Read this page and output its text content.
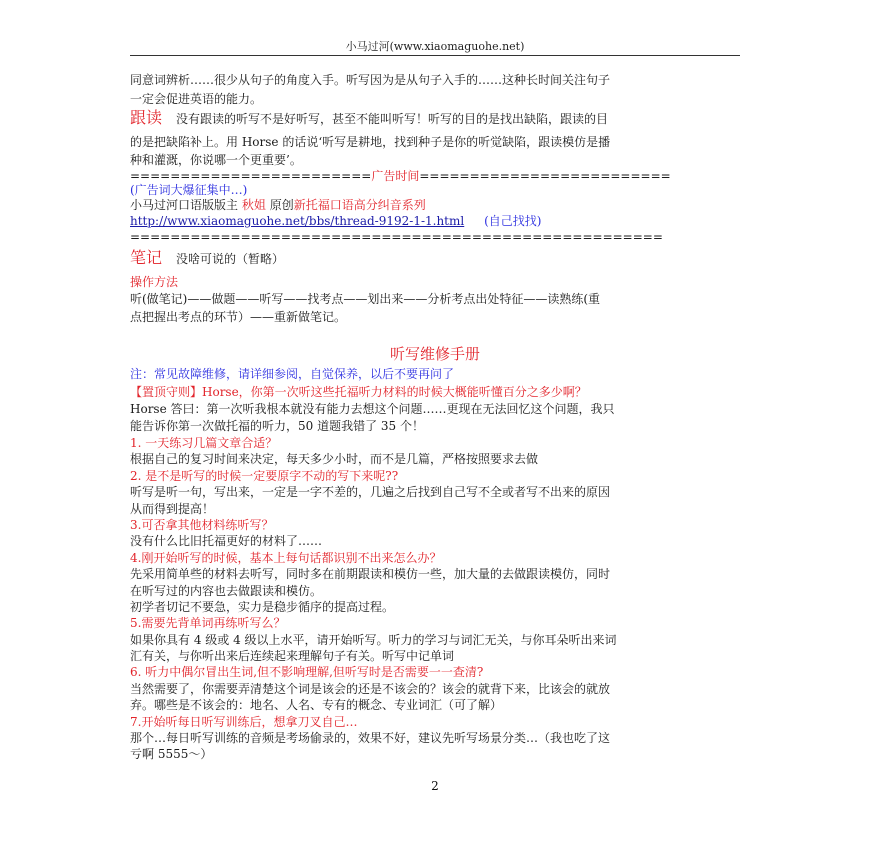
小马过河(www.xiaomaguohe.net)
同意词辨析……很少从句子的角度入手。听写因为是从句子入手的……这种长时间关注句子
一定会促进英语的能力。
跟读 没有跟读的听写不是好听写，甚至不能叫听写！听写的目的是找出缺陷，跟读的目
的是把缺陷补上。用 Horse 的话说‘听写是耕地，找到种子是你的听觉缺陷，跟读模仿是播
种和灌溉，你说哪一个更重要’。
========================广告时间=========================
(广告词大爆征集中…)
小马过河口语版版主 秋姐 原创新托福口语高分纠音系列
http://www.xiaomaguohe.net/bbs/thread-9192-1-1.html (自己找找)
=====================================================
笔记 没啥可说的（暂略）
操作方法
听(做笔记)——做题——听写——找考点——划出来——分析考点出处特征——读熟练(重
点把握出考点的环节）——重新做笔记。
听写维修手册
注：常见故障维修，请详细参阅，自觉保养，以后不要再问了
【置顶守则】Horse，你第一次听这些托福听力材料的时候大概能听懂百分之多少啊？
Horse 答曰：第一次听我根本就没有能力去想这个问题……更现在无法回忆这个问题，我只
能告诉你第一次做托福的听力，50 道题我错了 35 个！
1. 一天练习几篇文章合适？
根据自己的复习时间来决定，每天多少小时，而不是几篇，严格按照要求去做
2. 是不是听写的时候一定要原字不动的写下来呢??
听写是听一句，写出来，一定是一字不差的，几遍之后找到自己写不全或者写不出来的原因
从而得到提高！
3.可否拿其他材料练听写？
没有什么比旧托福更好的材料了……
4.刚开始听写的时候，基本上每句话都识别不出来怎么办？
先采用简单些的材料去听写，同时多在前期跟读和模仿一些，加大量的去做跟读模仿，同时
在听写过的内容也去做跟读和模仿。
初学者切记不要急，实力是稳步循序的提高过程。
5.需要先背单词再练听写么？
如果你具有 4 级或 4 级以上水平，请开始听写。听力的学习与词汇无关，与你耳朵听出来词
汇有关，与你听出来后连续起来理解句子有关。听写中记单词
6. 听力中偶尔冒出生词,但不影响理解,但听写时是否需要一一查清?
当然需要了，你需要弄清楚这个词是该会的还是不该会的？该会的就背下来，比该会的就放
弃。哪些是不该会的：地名、人名、专有的概念、专业词汇（可了解）
7.开始听每日听写训练后，想拿刀叉自己…
那个…每日听写训练的音频是考场偷录的，效果不好，建议先听写场景分类…（我也吃了这
亏啊 5555～）
2
